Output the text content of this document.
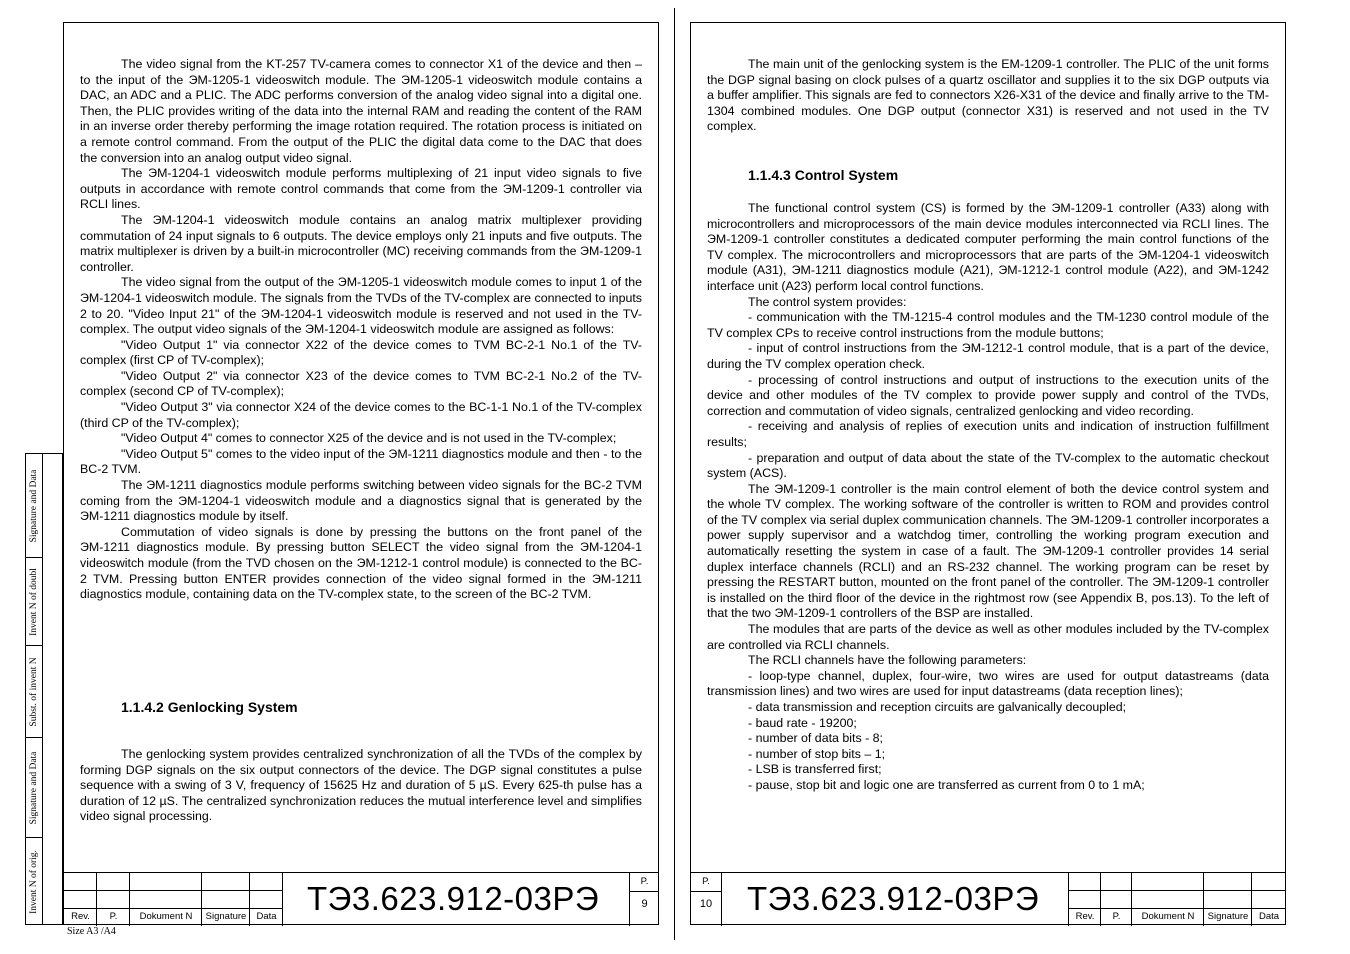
The video signal from the KT-257 TV-camera comes to connector X1 of the device and then – to the input of the ЭМ-1205-1 videoswitch module. The ЭМ-1205-1 videoswitch module contains a DAC, an ADC and a PLIC. The ADC performs conversion of the analog video signal into a digital one. Then, the PLIC provides writing of the data into the internal RAM and reading the content of the RAM in an inverse order thereby performing the image rotation required. The rotation process is initiated on a remote control command. From the output of the PLIC the digital data come to the DAC that does the conversion into an analog output video signal.

The ЭМ-1204-1 videoswitch module performs multiplexing of 21 input video signals to five outputs in accordance with remote control commands that come from the ЭМ-1209-1 controller via RCLI lines.

The ЭМ-1204-1 videoswitch module contains an analog matrix multiplexer providing commutation of 24 input signals to 6 outputs. The device employs only 21 inputs and five outputs. The matrix multiplexer is driven by a built-in microcontroller (MC) receiving commands from the ЭМ-1209-1 controller.

The video signal from the output of the ЭМ-1205-1 videoswitch module comes to input 1 of the ЭМ-1204-1 videoswitch module. The signals from the TVDs of the TV-complex are connected to inputs 2 to 20. "Video Input 21" of the ЭМ-1204-1 videoswitch module is reserved and not used in the TV-complex. The output video signals of the ЭМ-1204-1 videoswitch module are assigned as follows:

"Video Output 1" via connector X22 of the device comes to TVM BC-2-1 No.1 of the TV-complex (first CP of TV-complex);

"Video Output 2" via connector X23 of the device comes to TVM BC-2-1 No.2 of the TV-complex (second CP of TV-complex);

"Video Output 3" via connector X24 of the device comes to the BC-1-1 No.1 of the TV-complex (third CP of the TV-complex);

"Video Output 4" comes to connector X25 of the device and is not used in the TV-complex;

"Video Output 5" comes to the video input of the ЭМ-1211 diagnostics module and then - to the BC-2 TVM.

The ЭМ-1211 diagnostics module performs switching between video signals for the BC-2 TVM coming from the ЭМ-1204-1 videoswitch module and a diagnostics signal that is generated by the ЭМ-1211 diagnostics module by itself.

Commutation of video signals is done by pressing the buttons on the front panel of the ЭМ-1211 diagnostics module. By pressing button SELECT the video signal from the ЭМ-1204-1 videoswitch module (from the TVD chosen on the ЭМ-1212-1 control module) is connected to the BC-2 TVM. Pressing button ENTER provides connection of the video signal formed in the ЭМ-1211 diagnostics module, containing data on the TV-complex state, to the screen of the BC-2 TVM.

1.1.4.2 Genlocking System

The genlocking system provides centralized synchronization of all the TVDs of the complex by forming DGP signals on the six output connectors of the device. The DGP signal constitutes a pulse sequence with a swing of 3 V, frequency of 15625 Hz and duration of 5 µS. Every 625-th pulse has a duration of 12 µS. The centralized synchronization reduces the mutual interference level and simplifies video signal processing.

Rev.	P.	Dokument N	Signature	Data ТЭ3.623.912-03РЭ	P.
9
Signature and Data
Invent N of doubl
Subst. of invent N
Signature and Data
Invent N of orig.

The main unit of the genlocking system is the EM-1209-1 controller. The PLIC of the unit forms the DGP signal basing on clock pulses of a quartz oscillator and supplies it to the six DGP outputs via a buffer amplifier. This signals are fed to connectors X26-X31 of the device and finally arrive to the TM-1304 combined modules. One DGP output (connector X31) is reserved and not used in the TV complex.

1.1.4.3 Control System

The functional control system (CS) is formed by the ЭМ-1209-1 controller (A33) along with microcontrollers and microprocessors of the main device modules interconnected via RCLI lines. The ЭМ-1209-1 controller constitutes a dedicated computer performing the main control functions of the TV complex. The microcontrollers and microprocessors that are parts of the ЭМ-1204-1 videoswitch module (A31), ЭМ-1211 diagnostics module (A21), ЭМ-1212-1 control module (A22), and ЭМ-1242 interface unit (A23) perform local control functions.

The control system provides:

- communication with the TM-1215-4 control modules and the TM-1230 control module of the TV complex CPs to receive control instructions from the module buttons;

- input of control instructions from the ЭМ-1212-1 control module, that is a part of the device, during the TV complex operation check.

- processing of control instructions and output of instructions to the execution units of the device and other modules of the TV complex to provide power supply and control of the TVDs, correction and commutation of video signals, centralized genlocking and video recording.

- receiving and analysis of replies of execution units and indication of instruction fulfillment results;

- preparation and output of data about the state of the TV-complex to the automatic checkout system (ACS).

The ЭМ-1209-1 controller is the main control element of both the device control system and the whole TV complex. The working software of the controller is written to ROM and provides control of the TV complex via serial duplex communication channels. The ЭМ-1209-1 controller incorporates a power supply supervisor and a watchdog timer, controlling the working program execution and automatically resetting the system in case of a fault. The ЭМ-1209-1 controller provides 14 serial duplex interface channels (RCLI) and an RS-232 channel. The working program can be reset by pressing the RESTART button, mounted on the front panel of the controller. The ЭМ-1209-1 controller is installed on the third floor of the device in the rightmost row (see Appendix B, pos.13). To the left of that the two ЭМ-1209-1 controllers of the BSP are installed.

The modules that are parts of the device as well as other modules included by the TV-complex are controlled via RCLI channels.

The RCLI channels have the following parameters:

- loop-type channel, duplex, four-wire, two wires are used for output datastreams (data transmission lines) and two wires are used for input datastreams (data reception lines);

- data transmission and reception circuits are galvanically decoupled;

- baud rate - 19200;

- number of data bits - 8;

- number of stop bits – 1;

- LSB is transferred first;

- pause, stop bit and logic one are transferred as current from 0 to 1 mA;

P.
10 ТЭ3.623.912-03РЭ	Rev.	P.	Dokument N	Signature	Data
Size A3 /A4
